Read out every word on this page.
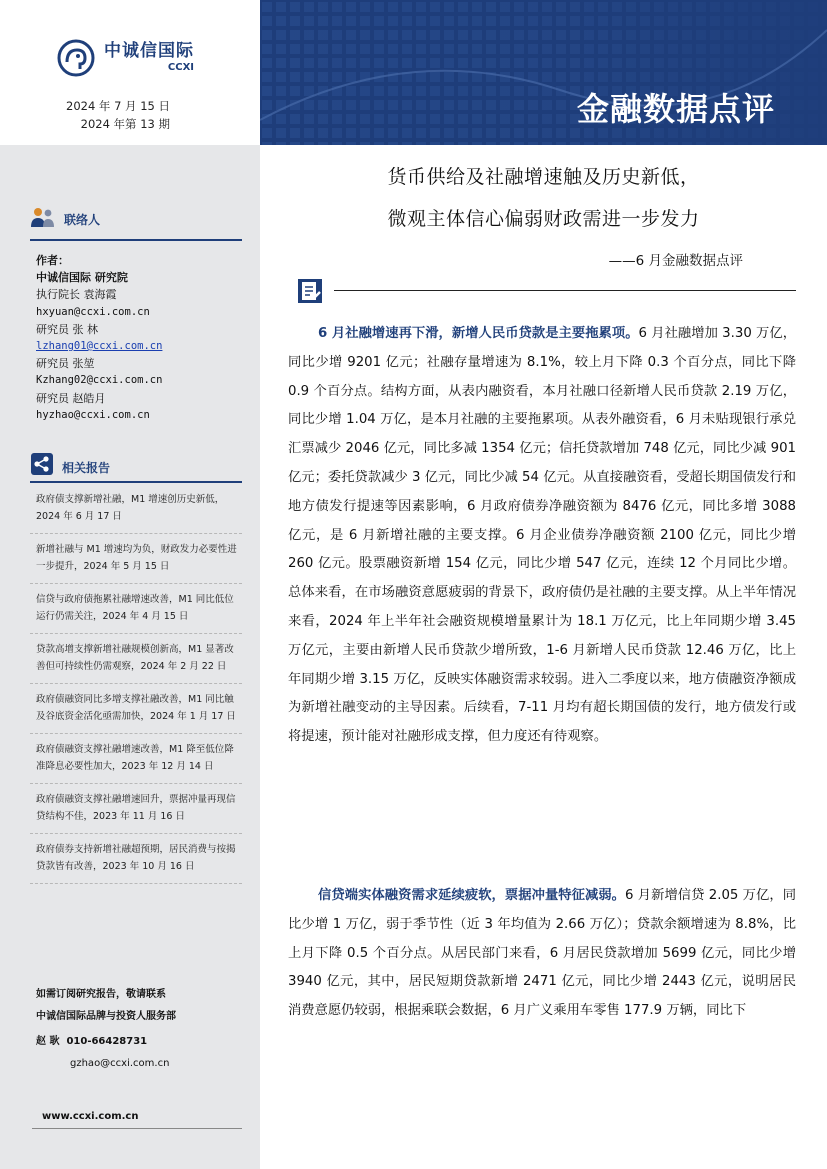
中诚信国际
CCXI
2024 年 7 月 15 日
2024 年第 13 期
联络人
作者：
中诚信国际 研究院
执行院长 袁海霞
hxyuan@ccxi.com.cn
研究员 张 林
lzhang01@ccxi.com.cn
研究员 张堃
Kzhang02@ccxi.com.cn
研究员 赵皓月
hyzhao@ccxi.com.cn
相关报告
政府债支撑新增社融，M1 增速创历史新低，2024 年 6 月 17 日
新增社融与 M1 增速均为负，财政发力必要性进一步提升，2024 年 5 月 15 日
信贷与政府债拖累社融增速改善，M1 同比低位运行仍需关注，2024 年 4 月 15 日
贷款高增支撑新增社融规模创新高，M1 显著改善但可持续性仍需观察，2024 年 2 月 22 日
政府债融资同比多增支撑社融改善，M1 同比触及谷底资金活化亟需加快，2024 年 1 月 17 日
政府债融资支撑社融增速改善，M1 降至低位降准降息必要性加大，2023 年 12 月 14 日
政府债融资支撑社融增速回升，票据冲量再现信贷结构不佳，2023 年 11 月 16 日
政府债券支持新增社融超预期，居民消费与按揭贷款皆有改善，2023 年 10 月 16 日
如需订阅研究报告，敬请联系
中诚信国际品牌与投资人服务部
赵 耿 010-66428731
gzhao@ccxi.com.cn
www.ccxi.com.cn
金融数据点评
货币供给及社融增速触及历史新低，
微观主体信心偏弱财政需进一步发力
——6 月金融数据点评
6 月社融增速再下滑，新增人民币贷款是主要拖累项。6 月社融增加 3.30 万亿，同比少增 9201 亿元；社融存量增速为 8.1%，较上月下降 0.3 个百分点，同比下降 0.9 个百分点。结构方面，从表内融资看，本月社融口径新增人民币贷款 2.19 万亿，同比少增 1.04 万亿，是本月社融的主要拖累项。从表外融资看，6 月未贴现银行承兑汇票减少 2046 亿元，同比多减 1354 亿元；信托贷款增加 748 亿元，同比少减 901 亿元；委托贷款减少 3 亿元，同比少减 54 亿元。从直接融资看，受超长期国债发行和地方债发行提速等因素影响，6 月政府债券净融资额为 8476 亿元，同比多增 3088 亿元，是 6 月新增社融的主要支撑。6 月企业债券净融资额 2100 亿元，同比少增 260 亿元。股票融资新增 154 亿元，同比少增 547 亿元，连续 12 个月同比少增。总体来看，在市场融资意愿疲弱的背景下，政府债仍是社融的主要支撑。从上半年情况来看，2024 年上半年社会融资规模增量累计为 18.1 万亿元，比上年同期少增 3.45 万亿元，主要由新增人民币贷款少增所致，1-6 月新增人民币贷款 12.46 万亿，比上年同期少增 3.15 万亿，反映实体融资需求较弱。进入二季度以来，地方债融资净额成为新增社融变动的主导因素。后续看，7-11 月均有超长期国债的发行，地方债发行或将提速，预计能对社融形成支撑，但力度还有待观察。
信贷端实体融资需求延续疲软，票据冲量特征减弱。6 月新增信贷 2.05 万亿，同比少增 1 万亿，弱于季节性（近 3 年均值为 2.66 万亿）；贷款余额增速为 8.8%，比上月下降 0.5 个百分点。从居民部门来看，6 月居民贷款增加 5699 亿元，同比少增 3940 亿元，其中，居民短期贷款新增 2471 亿元，同比少增 2443 亿元，说明居民消费意愿仍较弱，根据乘联会数据，6 月广义乘用车零售 177.9 万辆，同比下
